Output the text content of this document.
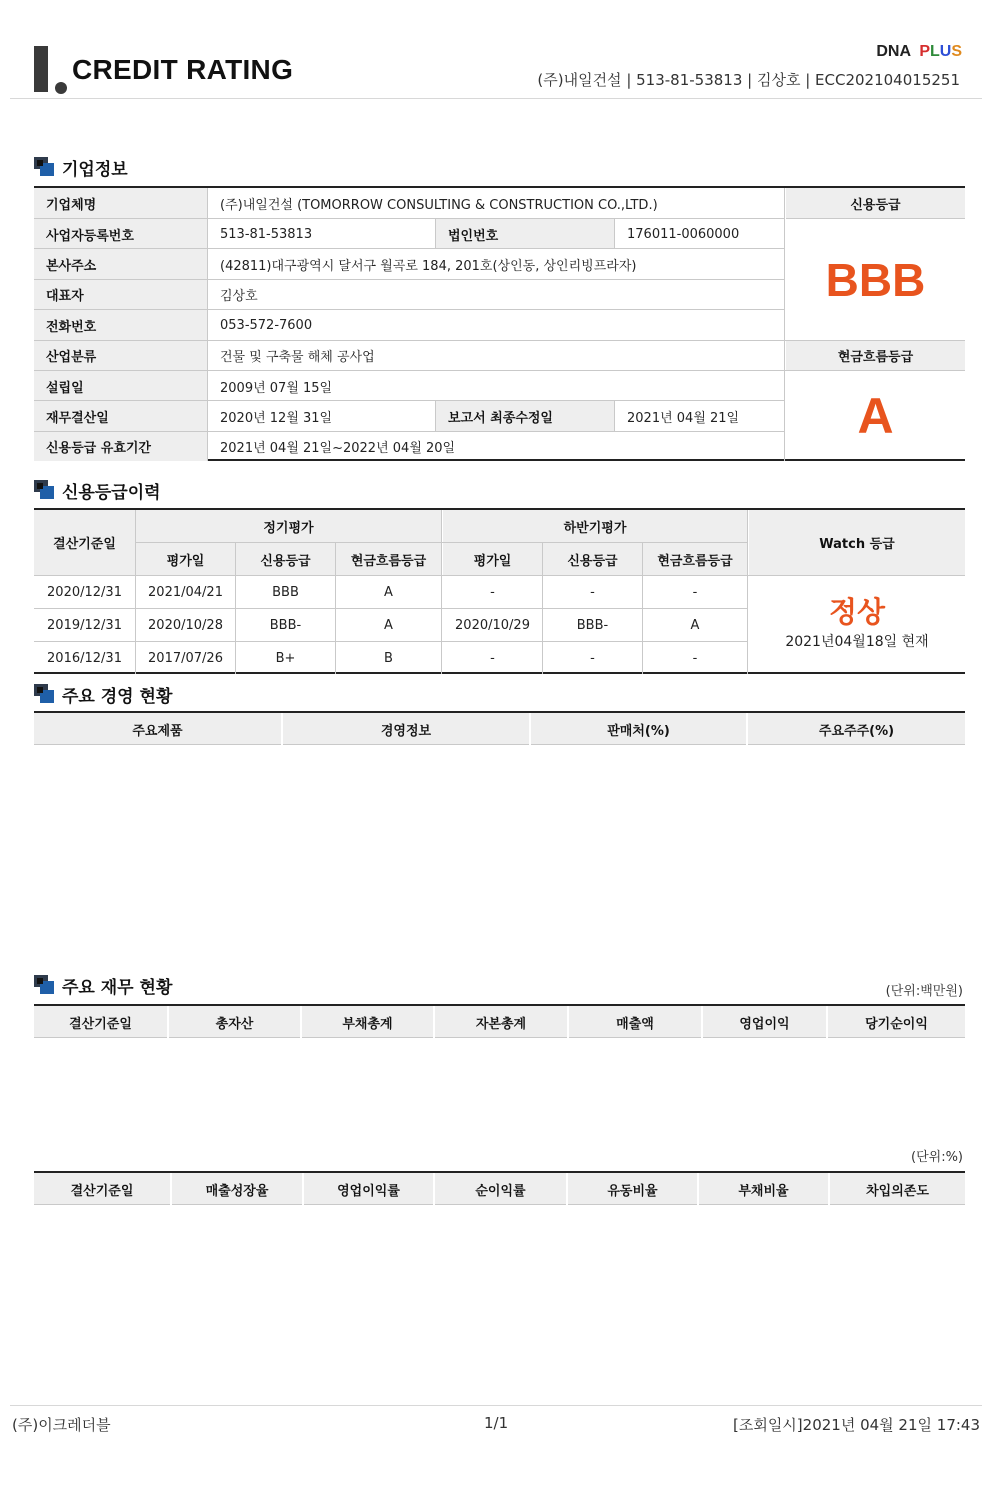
CREDIT RATING
DNA PLUS
(주)내일건설 | 513-81-53813 | 김상호 | ECC202104015251
기업정보
기업체명	(주)내일건설 (TOMORROW CONSULTING & CONSTRUCTION CO.,LTD.)	신용등급
사업자등록번호	513-81-53813	법인번호	176011-0060000
본사주소	(42811)대구광역시 달서구 월곡로 184, 201호(상인동, 상인리빙프라자)
대표자	김상호
전화번호	053-572-7600
BBB
산업분류	건물 및 구축물 해체 공사업	현금흐름등급
설립일	2009년 07월 15일
재무결산일	2020년 12월 31일	보고서 최종수정일	2021년 04월 21일
신용등급 유효기간	2021년 04월 21일~2022년 04월 20일
A
신용등급이력
결산기준일
정기평가	하반기평가
Watch 등급
평가일	신용등급	현금흐름등급	평가일	신용등급	현금흐름등급
2020/12/31	2021/04/21	BBB	A	-	-	-
2019/12/31	2020/10/28	BBB-	A	2020/10/29	BBB-	A
2016/12/31	2017/07/26	B+	B	-	-	-
정상
2021년04월18일 현재
주요 경영 현황
주요제품	경영정보	판매처(%)	주요주주(%)
주요 재무 현황	(단위:백만원)
결산기준일	총자산	부채총계	자본총계	매출액	영업이익	당기순이익
(단위:%)
결산기준일	매출성장율	영업이익률	순이익률	유동비율	부채비율	차입의존도
(주)이크레더블	1/1	[조회일시]2021년 04월 21일 17:43
